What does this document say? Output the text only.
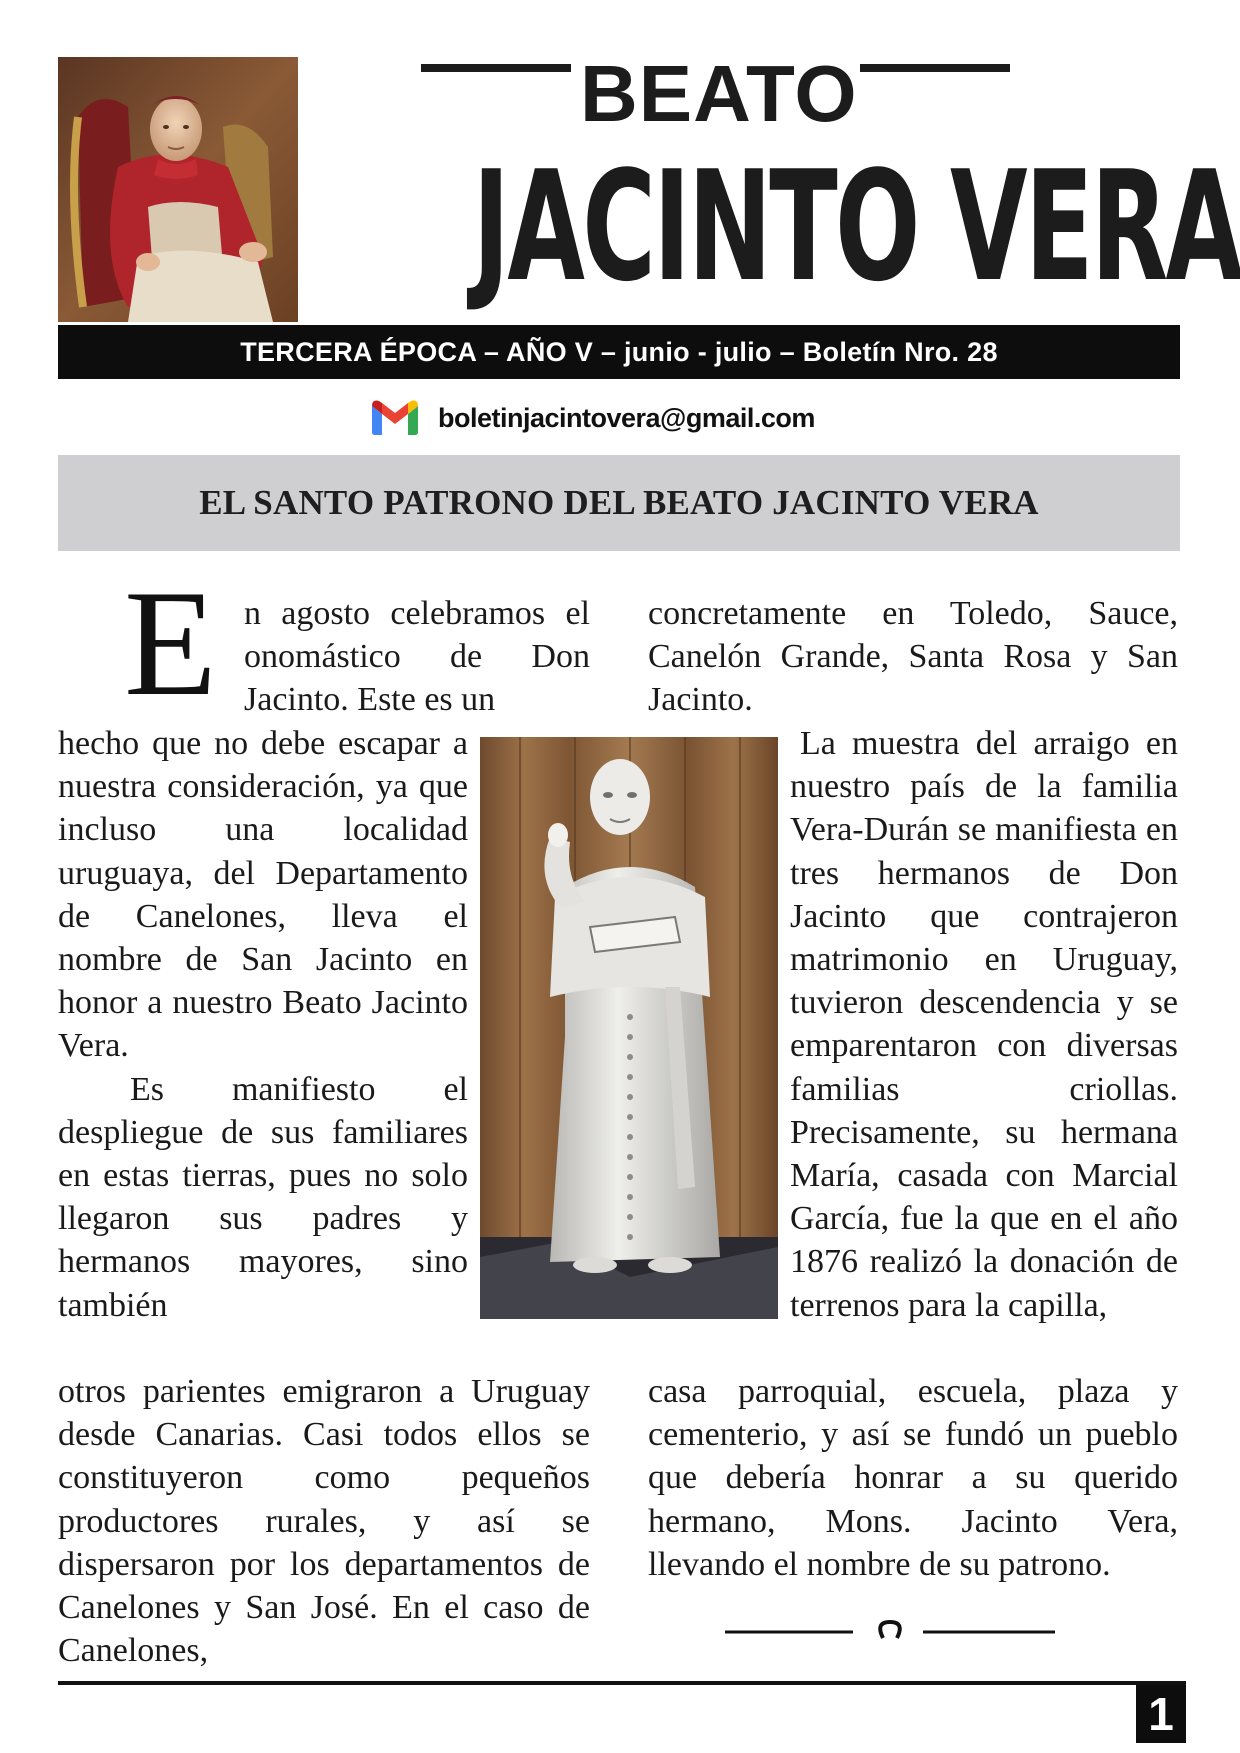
BEATO
JACINTO VERA
TERCERA ÉPOCA – AÑO V – junio - julio – Boletín Nro. 28
boletinjacintovera@gmail.com
EL SANTO PATRONO DEL BEATO JACINTO VERA
E n agosto celebramos el onomástico de Don Jacinto. Este es un

hecho que no debe escapar a nuestra consideración, ya que incluso una localidad uruguaya, del Departamento de Canelones, lleva el nombre de San Jacinto en honor a nuestro Beato Jacinto Vera.

Es manifiesto el despliegue de sus familiares en estas tierras, pues no solo llegaron sus padres y hermanos mayores, sino también

otros parientes emigraron a Uruguay desde Canarias. Casi todos ellos se constituyeron como pequeños productores rurales, y así se dispersaron por los departamentos de Canelones y San José. En el caso de Canelones,

concretamente en Toledo, Sauce, Canelón Grande, Santa Rosa y San Jacinto.

La muestra del arraigo en nuestro país de la familia Vera-Durán se manifiesta en tres hermanos de Don Jacinto que contrajeron matrimonio en Uruguay, tuvieron descendencia y se emparentaron con diversas familias criollas. Precisamente, su hermana María, casada con Marcial García, fue la que en el año 1876 realizó la donación de terrenos para la capilla,

casa parroquial, escuela, plaza y cementerio, y así se fundó un pueblo que debería honrar a su querido hermano, Mons. Jacinto Vera, llevando el nombre de su patrono.

1
